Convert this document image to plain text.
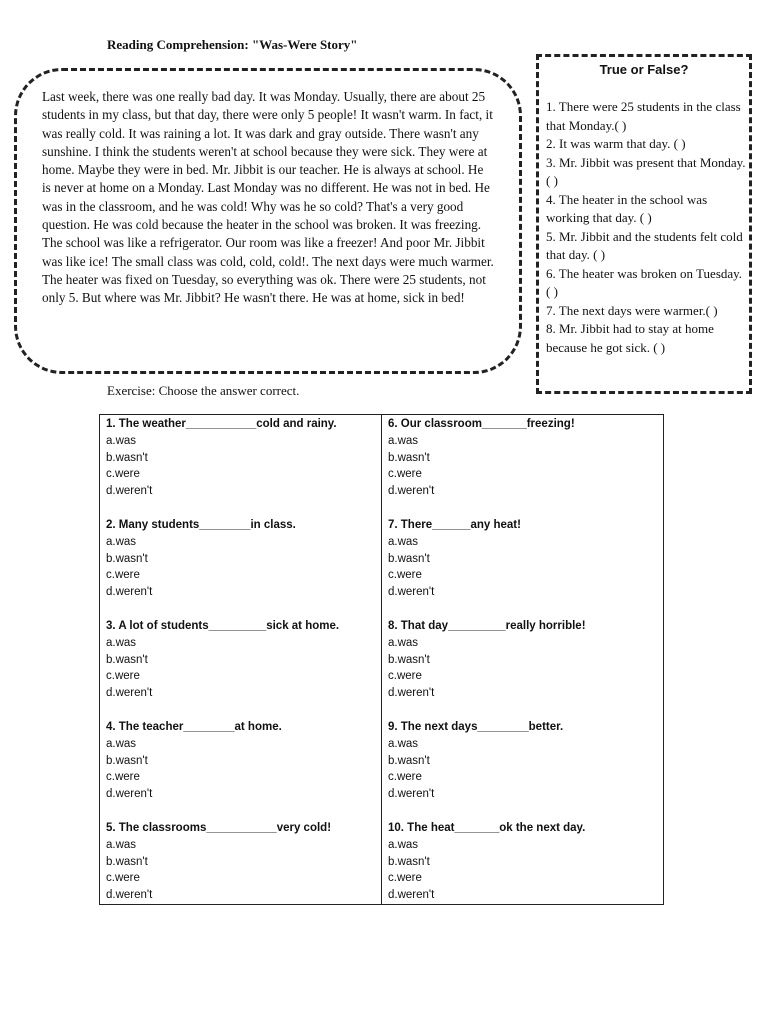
Reading Comprehension: "Was-Were Story"
Last week, there was one really bad day. It was Monday. Usually, there are about 25 students in my class, but that day, there were only 5 people! It wasn't warm. In fact, it was really cold. It was raining a lot. It was dark and gray outside. There wasn't any sunshine. I think the students weren't at school because they were sick. They were at home. Maybe they were in bed. Mr. Jibbit is our teacher. He is always at school. He is never at home on a Monday. Last Monday was no different. He was not in bed. He was in the classroom, and he was cold! Why was he so cold? That's a very good question. He was cold because the heater in the school was broken. It was freezing. The school was like a refrigerator. Our room was like a freezer! And poor Mr. Jibbit was like ice! The small class was cold, cold, cold!. The next days were much warmer. The heater was fixed on Tuesday, so everything was ok. There were 25 students, not only 5. But where was Mr. Jibbit? He wasn't there. He was at home, sick in bed!
True or False?
1. There were 25 students in the class that Monday.( )
2. It was warm that day. ( )
3. Mr. Jibbit was present that Monday. ( )
4. The heater in the school was working that day. ( )
5. Mr. Jibbit and the students felt cold that day. ( )
6. The heater was broken on Tuesday. ( )
7. The next days were warmer.( )
8. Mr. Jibbit had to stay at home because he got sick. ( )
Exercise: Choose the answer correct.
1. The weather___________cold and rainy.
a.was
b.wasn't
c.were
d.weren't
2. Many students________in class.
a.was
b.wasn't
c.were
d.weren't
3. A lot of students_________sick at home.
a.was
b.wasn't
c.were
d.weren't
4. The teacher________at home.
a.was
b.wasn't
c.were
d.weren't
5. The classrooms___________very cold!
a.was
b.wasn't
c.were
d.weren't
6. Our classroom_______freezing!
a.was
b.wasn't
c.were
d.weren't
7. There______any heat!
a.was
b.wasn't
c.were
d.weren't
8. That day_________really horrible!
a.was
b.wasn't
c.were
d.weren't
9. The next days________better.
a.was
b.wasn't
c.were
d.weren't
10. The heat_______ok the next day.
a.was
b.wasn't
c.were
d.weren't
